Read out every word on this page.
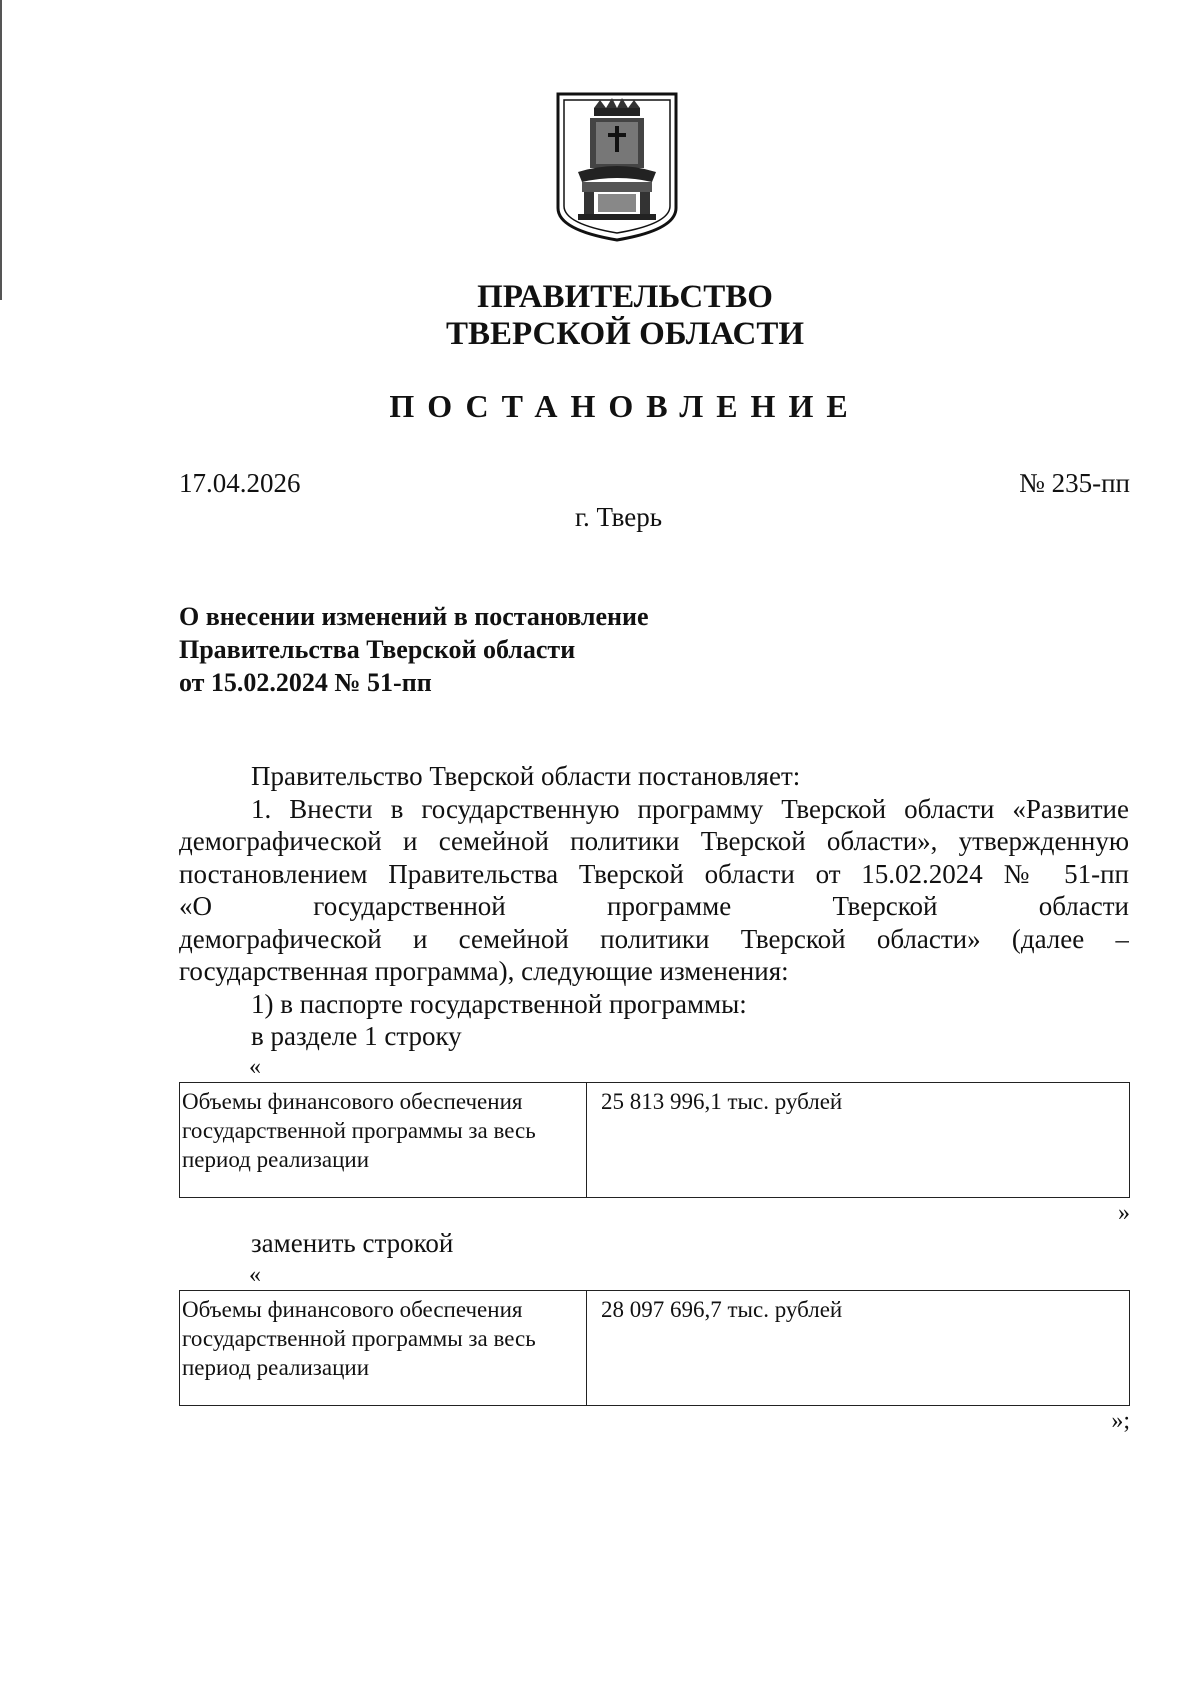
ПРАВИТЕЛЬСТВО
ТВЕРСКОЙ ОБЛАСТИ
ПОСТАНОВЛЕНИЕ
17.04.2026	№ 235-пп
г. Тверь
О внесении изменений в постановление
Правительства Тверской области
от 15.02.2024 № 51-пп
Правительство Тверской области постановляет:
1. Внести в государственную программу Тверской области «Развитие
демографической и семейной политики Тверской области», утвержденную
постановлением Правительства Тверской области от 15.02.2024 № 51-пп
«О государственной программе Тверской области
демографической и семейной политики Тверской области» (далее –
государственная программа), следующие изменения:
1) в паспорте государственной программы:
в разделе 1 строку
«
Объемы финансового обеспечения государственной программы за весь период реализации	25 813 996,1 тыс. рублей
»
заменить строкой
«
Объемы финансового обеспечения государственной программы за весь период реализации	28 097 696,7 тыс. рублей
»;
